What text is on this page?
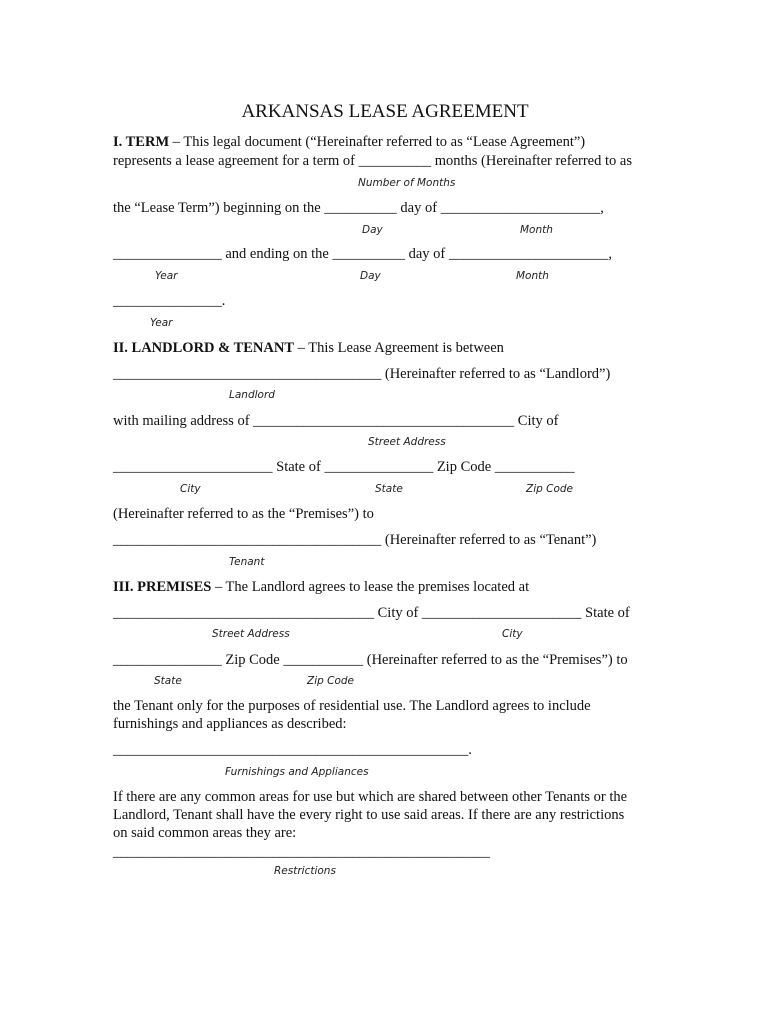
ARKANSAS LEASE AGREEMENT
I. TERM – This legal document (“Hereinafter referred to as “Lease Agreement”)
represents a lease agreement for a term of __________ months (Hereinafter referred to as
Number of Months
the “Lease Term”) beginning on the __________ day of ______________________,
Day	Month
_______________ and ending on the __________ day of ______________________,
Year	Day	Month
_______________.
Year
II. LANDLORD & TENANT – This Lease Agreement is between
_____________________________________ (Hereinafter referred to as “Landlord”)
Landlord
with mailing address of ____________________________________ City of
Street Address
______________________ State of _______________ Zip Code ___________
City	State	Zip Code
(Hereinafter referred to as the “Premises”) to
_____________________________________ (Hereinafter referred to as “Tenant”)
Tenant
III. PREMISES – The Landlord agrees to lease the premises located at
____________________________________ City of ______________________ State of
Street Address	City
_______________ Zip Code ___________ (Hereinafter referred to as the “Premises”) to
State	Zip Code
the Tenant only for the purposes of residential use. The Landlord agrees to include
furnishings and appliances as described:
_________________________________________________.
Furnishings and Appliances
If there are any common areas for use but which are shared between other Tenants or the
Landlord, Tenant shall have the every right to use said areas. If there are any restrictions
on said common areas they are:
____________________________________________________
Restrictions
